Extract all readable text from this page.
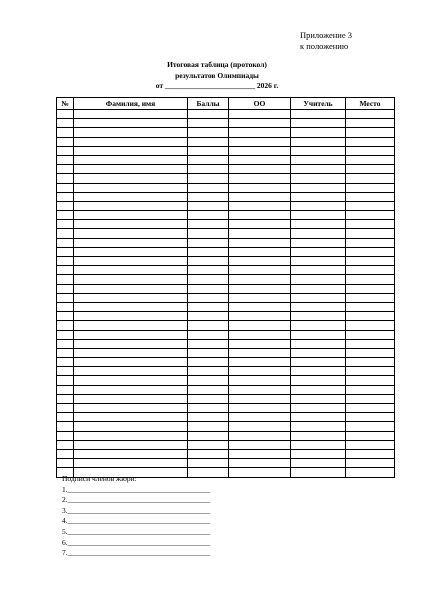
Приложение 3
к положению
Итоговая таблица (протокол)
результатов Олимпиады
от ________________________ 2026 г.
№	Фамилия, имя	Баллы	ОО	Учитель	Место

Подписи членов жюри:
1.______________________________________
2.______________________________________
3.______________________________________
4.______________________________________
5.______________________________________
6.______________________________________
7.______________________________________
